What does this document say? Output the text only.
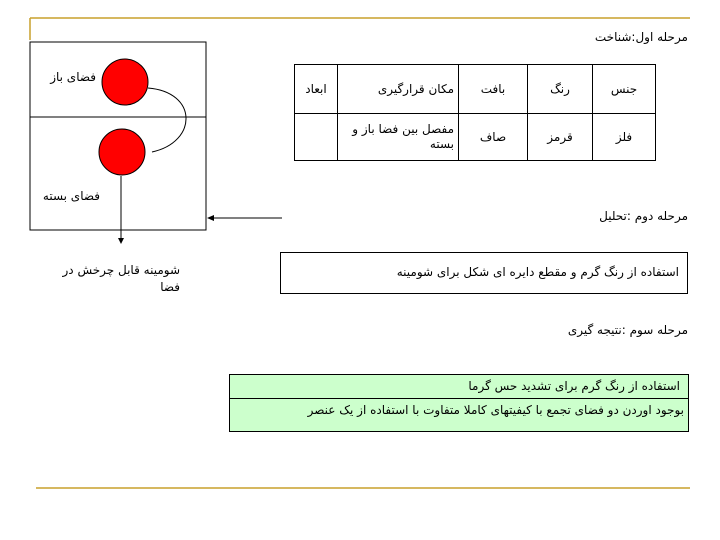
فضای باز
فضای بسته
شومینه قابل چرخش در فضا
مرحله اول:شناخت
جنس	رنگ	بافت	مکان قرارگیری	ابعاد
فلز	قرمز	صاف	مفصل بین فضا باز و بسته	
مرحله دوم :تحلیل
استفاده از رنگ گرم و مقطع دایره ای شکل برای شومینه
مرحله سوم :نتیجه گیری
استفاده از رنگ گرم برای تشدید حس گرما
بوجود اوردن دو فضای تجمع با کیفیتهای کاملا متفاوت با استفاده از یک عنصر
